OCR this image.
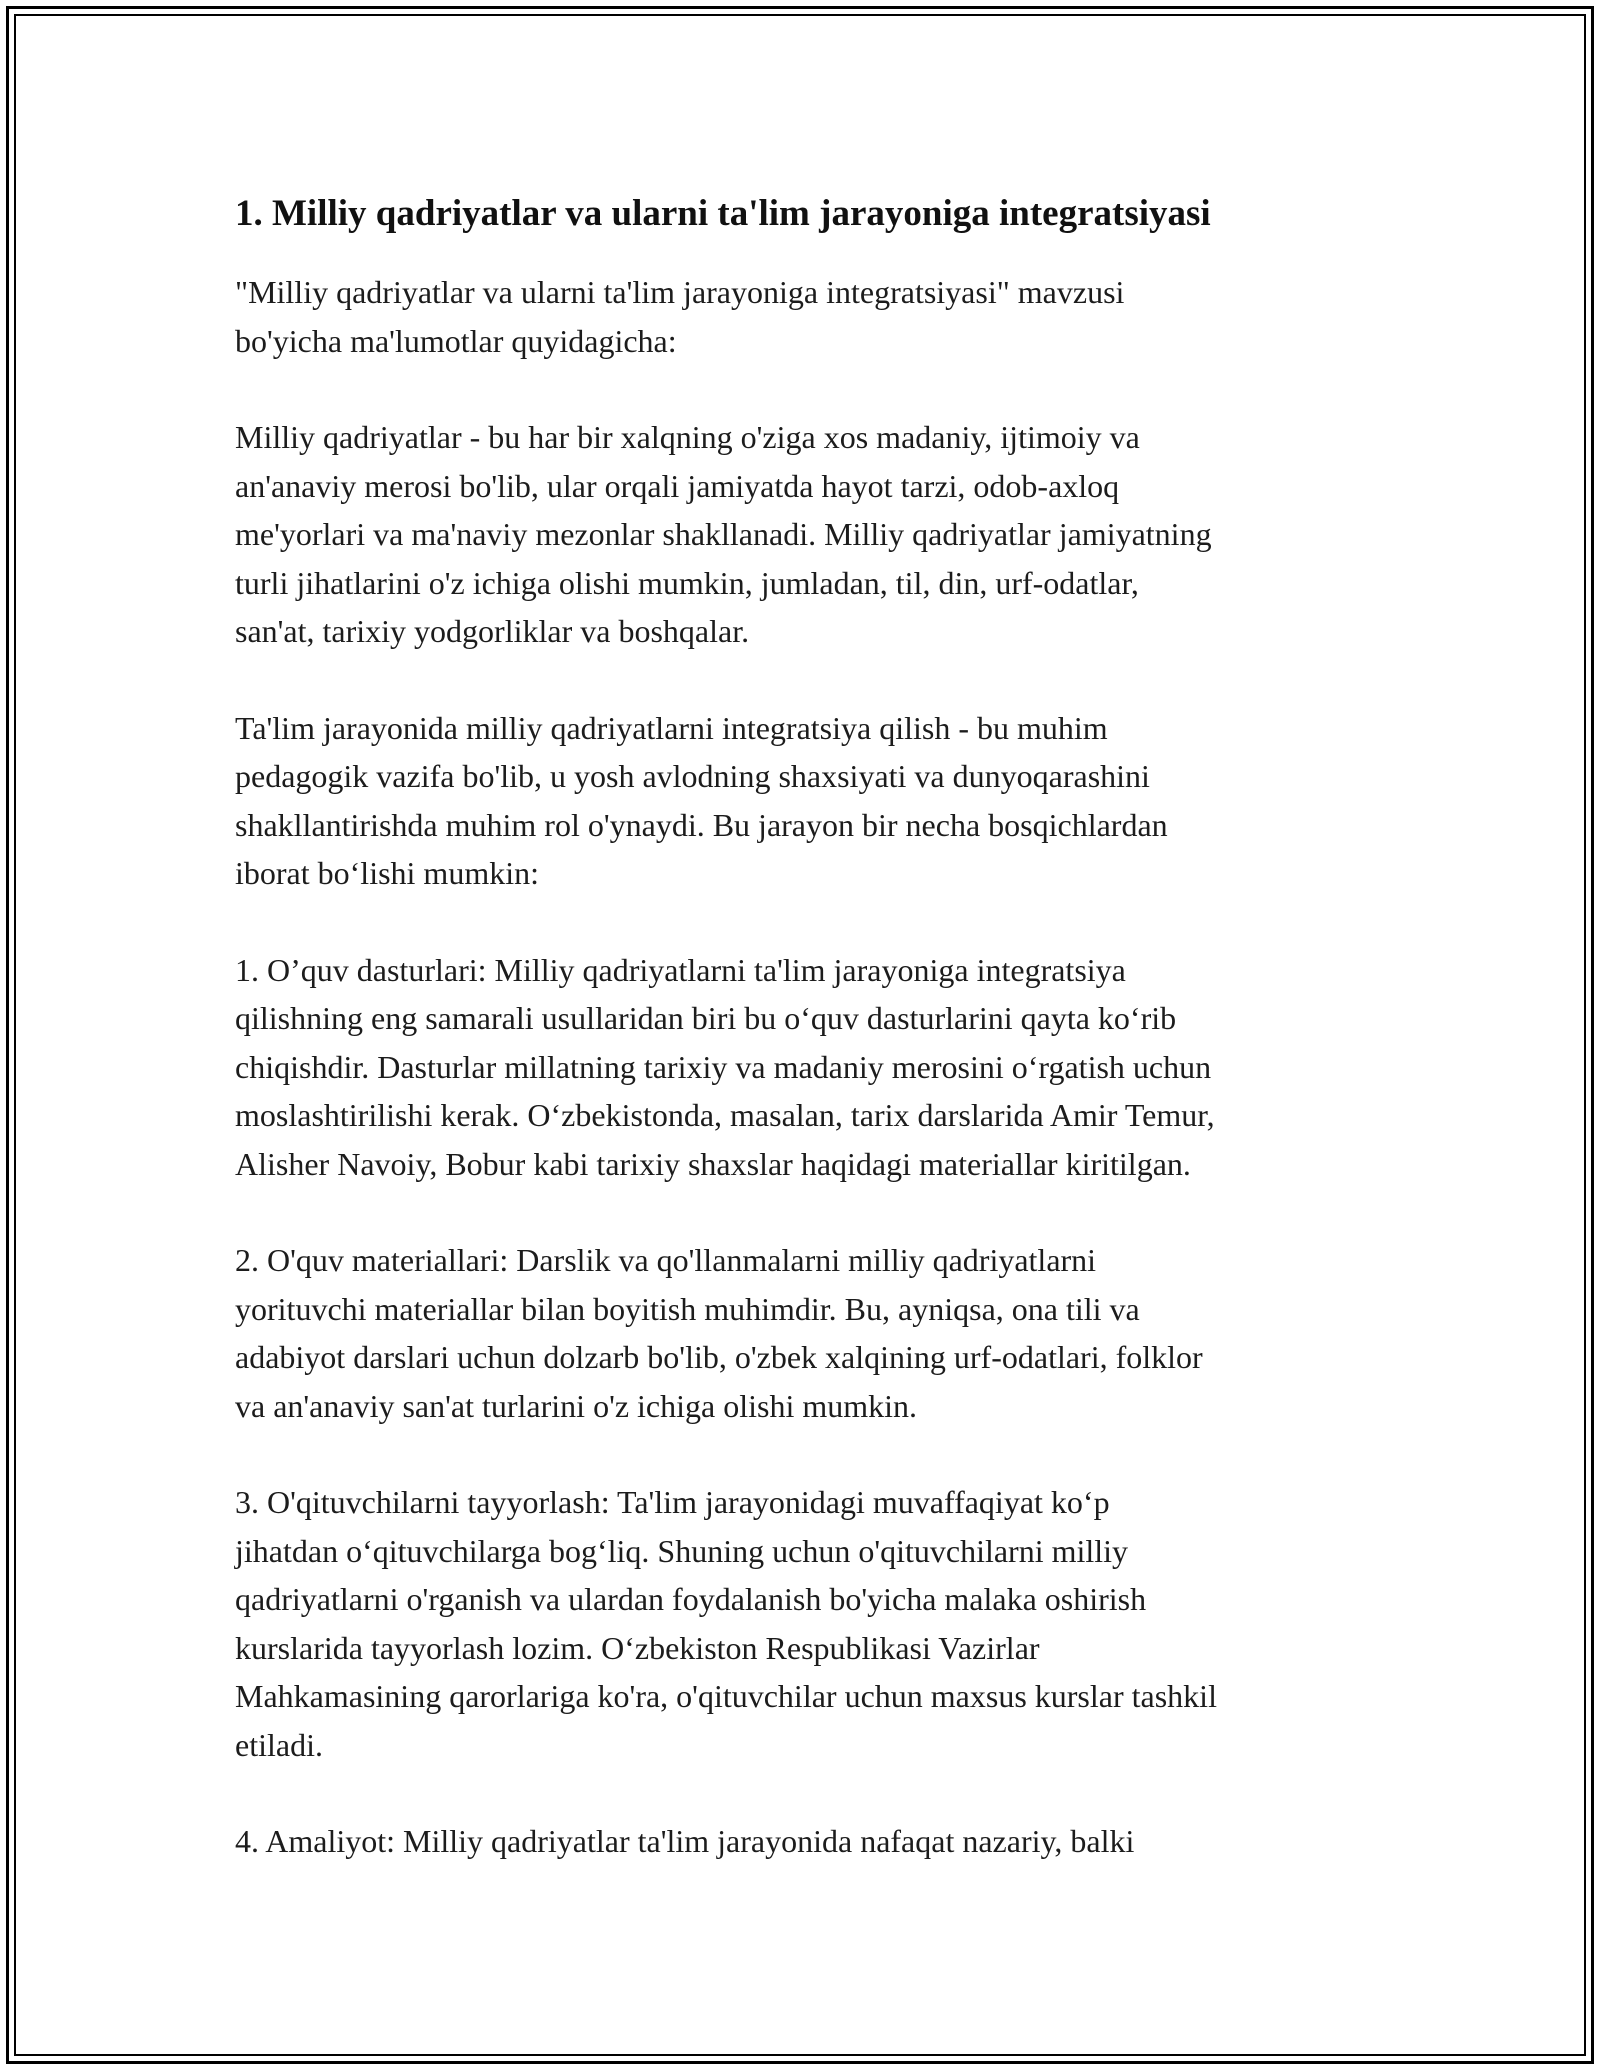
1. Milliy qadriyatlar va ularni ta'lim jarayoniga integratsiyasi

"Milliy qadriyatlar va ularni ta'lim jarayoniga integratsiyasi" mavzusi
bo'yicha ma'lumotlar quyidagicha:

Milliy qadriyatlar - bu har bir xalqning o'ziga xos madaniy, ijtimoiy va
an'anaviy merosi bo'lib, ular orqali jamiyatda hayot tarzi, odob-axloq
me'yorlari va ma'naviy mezonlar shakllanadi. Milliy qadriyatlar jamiyatning
turli jihatlarini o'z ichiga olishi mumkin, jumladan, til, din, urf-odatlar,
san'at, tarixiy yodgorliklar va boshqalar.

Ta'lim jarayonida milliy qadriyatlarni integratsiya qilish - bu muhim
pedagogik vazifa bo'lib, u yosh avlodning shaxsiyati va dunyoqarashini
shakllantirishda muhim rol o'ynaydi. Bu jarayon bir necha bosqichlardan
iborat bo‘lishi mumkin:

1. O’quv dasturlari: Milliy qadriyatlarni ta'lim jarayoniga integratsiya
qilishning eng samarali usullaridan biri bu o‘quv dasturlarini qayta ko‘rib
chiqishdir. Dasturlar millatning tarixiy va madaniy merosini o‘rgatish uchun
moslashtirilishi kerak. O‘zbekistonda, masalan, tarix darslarida Amir Temur,
Alisher Navoiy, Bobur kabi tarixiy shaxslar haqidagi materiallar kiritilgan.

2. O'quv materiallari: Darslik va qo'llanmalarni milliy qadriyatlarni
yorituvchi materiallar bilan boyitish muhimdir. Bu, ayniqsa, ona tili va
adabiyot darslari uchun dolzarb bo'lib, o'zbek xalqining urf-odatlari, folklor
va an'anaviy san'at turlarini o'z ichiga olishi mumkin.

3. O'qituvchilarni tayyorlash: Ta'lim jarayonidagi muvaffaqiyat ko‘p
jihatdan o‘qituvchilarga bog‘liq. Shuning uchun o'qituvchilarni milliy
qadriyatlarni o'rganish va ulardan foydalanish bo'yicha malaka oshirish
kurslarida tayyorlash lozim. O‘zbekiston Respublikasi Vazirlar
Mahkamasining qarorlariga ko'ra, o'qituvchilar uchun maxsus kurslar tashkil
etiladi.

4. Amaliyot: Milliy qadriyatlar ta'lim jarayonida nafaqat nazariy, balki
